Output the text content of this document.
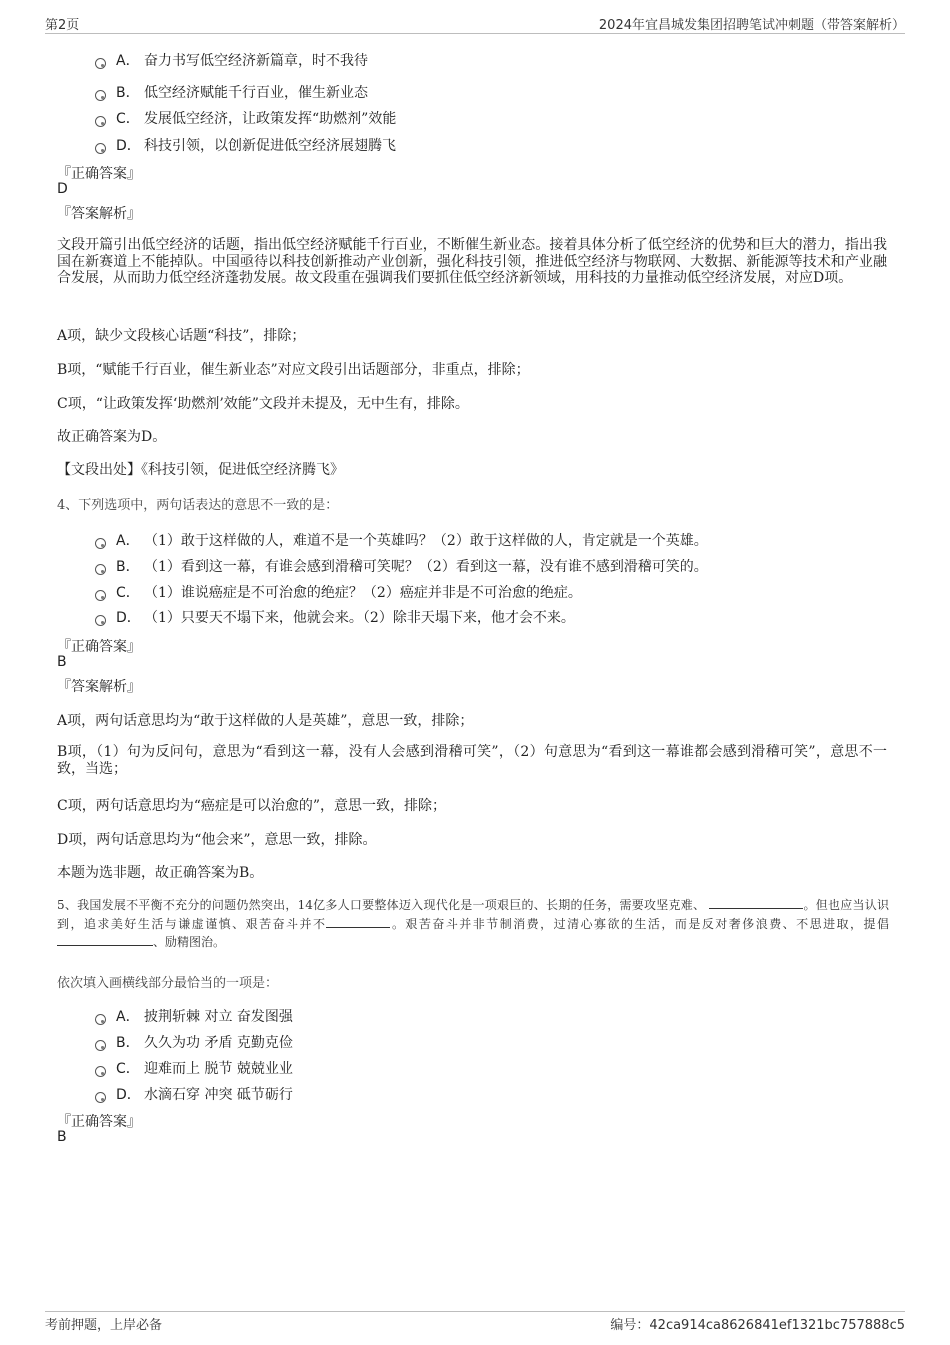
第2页	2024年宜昌城发集团招聘笔试冲刺题（带答案解析）
A． 奋力书写低空经济新篇章，时不我待
B． 低空经济赋能千行百业，催生新业态
C． 发展低空经济，让政策发挥“助燃剂”效能
D． 科技引领，以创新促进低空经济展翅腾飞
『正确答案』
D
『答案解析』
文段开篇引出低空经济的话题，指出低空经济赋能千行百业，不断催生新业态。接着具体分析了低空经济的优势和巨大的潜力，指出我国在新赛道上不能掉队。中国亟待以科技创新推动产业创新，强化科技引领，推进低空经济与物联网、大数据、新能源等技术和产业融合发展，从而助力低空经济蓬勃发展。故文段重在强调我们要抓住低空经济新领域，用科技的力量推动低空经济发展，对应D项。
A项，缺少文段核心话题“科技”，排除；
B项，“赋能千行百业，催生新业态”对应文段引出话题部分，非重点，排除；
C项，“让政策发挥‘助燃剂’效能”文段并未提及，无中生有，排除。
故正确答案为D。
【文段出处】《科技引领，促进低空经济腾飞》
4、下列选项中，两句话表达的意思不一致的是：
A． （1）敢于这样做的人，难道不是一个英雄吗？（2）敢于这样做的人，肯定就是一个英雄。
B． （1）看到这一幕，有谁会感到滑稽可笑呢？（2）看到这一幕，没有谁不感到滑稽可笑的。
C． （1）谁说癌症是不可治愈的绝症？（2）癌症并非是不可治愈的绝症。
D． （1）只要天不塌下来，他就会来。（2）除非天塌下来，他才会不来。
『正确答案』
B
『答案解析』
A项，两句话意思均为“敢于这样做的人是英雄”，意思一致，排除；
B项，（1）句为反问句，意思为“看到这一幕，没有人会感到滑稽可笑”，（2）句意思为“看到这一幕谁都会感到滑稽可笑”，意思不一致，当选；
C项，两句话意思均为“癌症是可以治愈的”，意思一致，排除；
D项，两句话意思均为“他会来”，意思一致，排除。
本题为选非题，故正确答案为B。
5、我国发展不平衡不充分的问题仍然突出，14亿多人口要整体迈入现代化是一项艰巨的、长期的任务，需要攻坚克难、	。但也应当认识到，追求美好生活与谦虚谨慎、艰苦奋斗并不	。艰苦奋斗并非节制消费，过清心寡欲的生活，而是反对奢侈浪费、不思进取，提倡、励精图治。
依次填入画横线部分最恰当的一项是：
A． 披荆斩棘 对立 奋发图强
B． 久久为功 矛盾 克勤克俭
C． 迎难而上 脱节 兢兢业业
D． 水滴石穿 冲突 砥节砺行
『正确答案』
B
考前押题，上岸必备	编号：42ca914ca8626841ef1321bc757888c5
